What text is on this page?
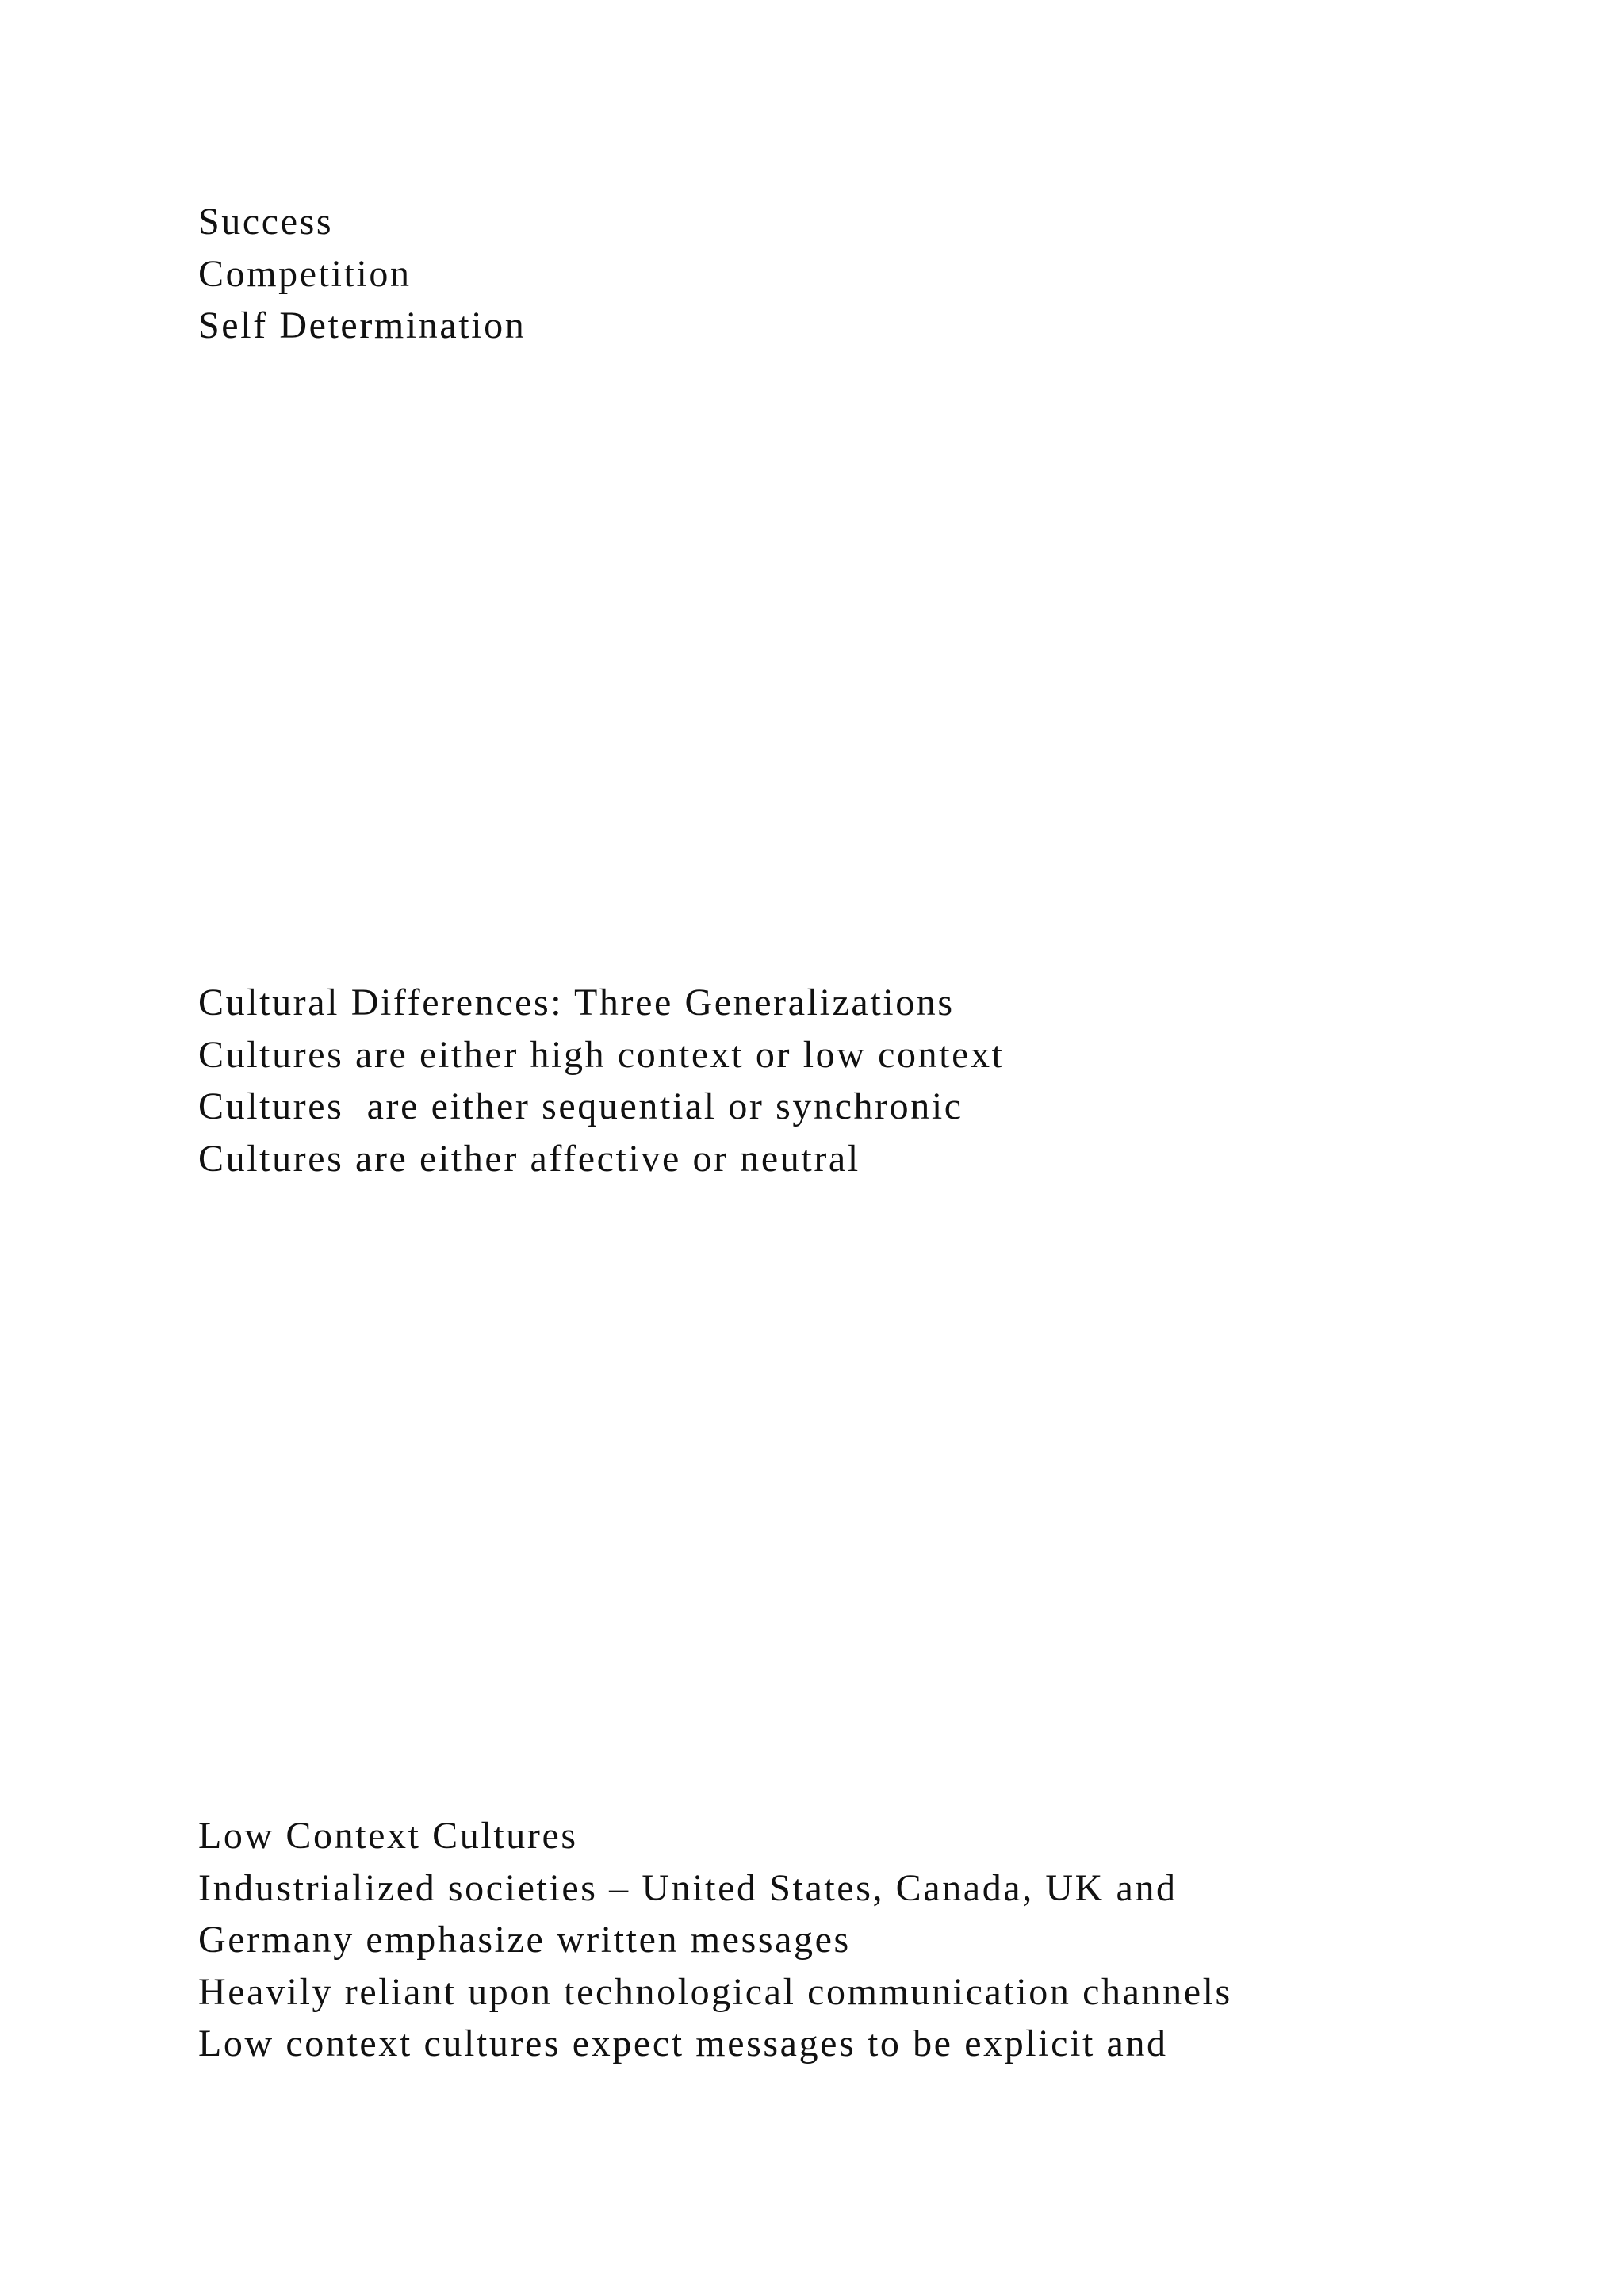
Success
Competition
Self Determination
Cultural Differences: Three Generalizations
Cultures are either high context or low context
Cultures  are either sequential or synchronic
Cultures are either affective or neutral
Low Context Cultures
Industrialized societies – United States, Canada, UK and
Germany emphasize written messages
Heavily reliant upon technological communication channels
Low context cultures expect messages to be explicit and
